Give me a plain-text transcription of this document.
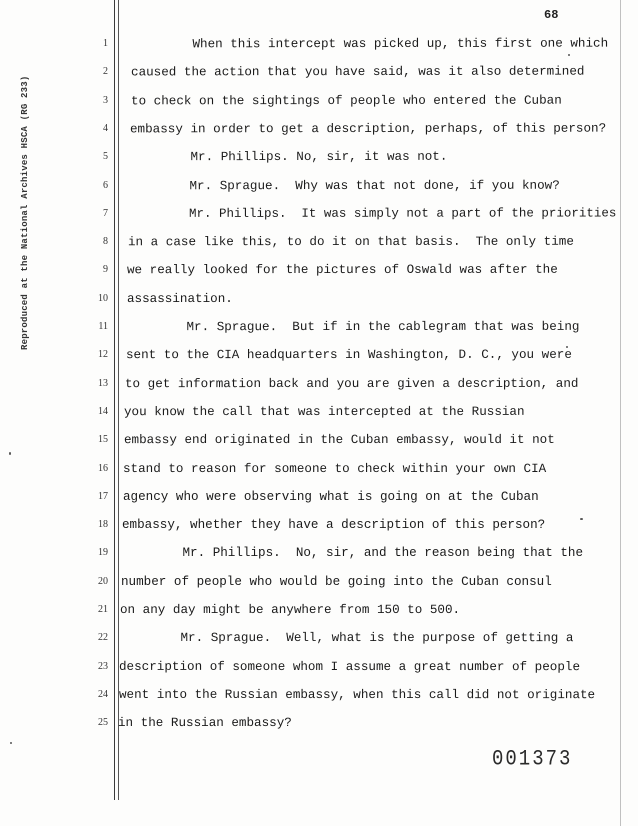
Reproduced at the National Archives HSCA (RG 233)
68
1 When this intercept was picked up, this first one which
2 caused the action that you have said, was it also determined
3 to check on the sightings of people who entered the Cuban
4 embassy in order to get a description, perhaps, of this person?
5 Mr. Phillips. No, sir, it was not.
6 Mr. Sprague.  Why was that not done, if you know?
7 Mr. Phillips.  It was simply not a part of the priorities
8 in a case like this, to do it on that basis.  The only time
9 we really looked for the pictures of Oswald was after the
10 assassination.
11 Mr. Sprague.  But if in the cablegram that was being
12 sent to the CIA headquarters in Washington, D. C., you were
13 to get information back and you are given a description, and
14 you know the call that was intercepted at the Russian
15 embassy end originated in the Cuban embassy, would it not
16 stand to reason for someone to check within your own CIA
17 agency who were observing what is going on at the Cuban
18 embassy, whether they have a description of this person?
19 Mr. Phillips.  No, sir, and the reason being that the
20 number of people who would be going into the Cuban consul
21 on any day might be anywhere from 150 to 500.
22 Mr. Sprague.  Well, what is the purpose of getting a
23 description of someone whom I assume a great number of people
24 went into the Russian embassy, when this call did not originate
25 in the Russian embassy?
001373
